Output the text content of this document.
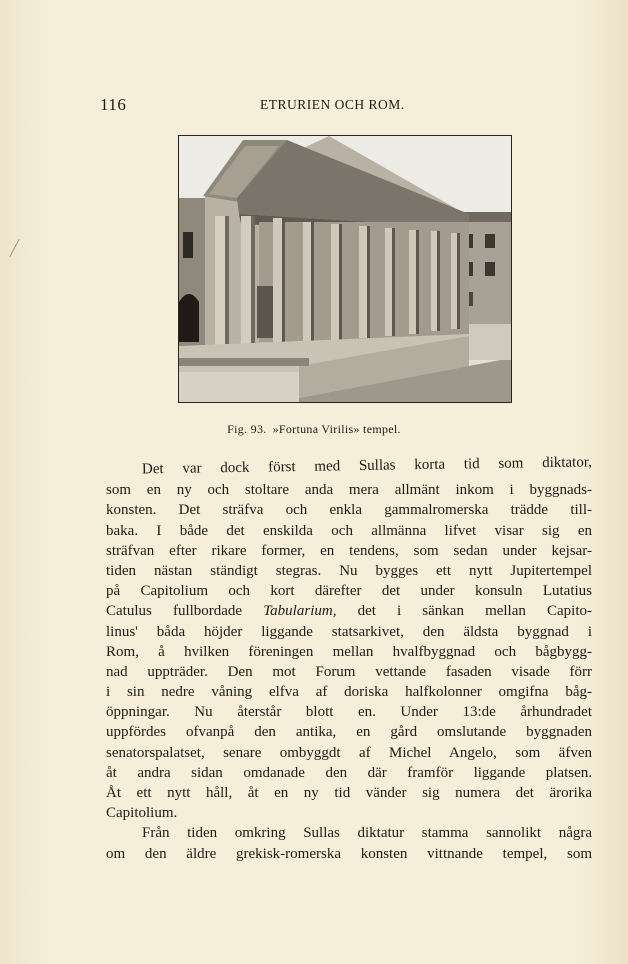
116	ETRURIEN OCH ROM.
Fig. 93. »Fortuna Virilis» tempel.
Det var dock först med Sullas korta tid som diktator,
som en ny och stoltare anda mera allmänt inkom i byggnads-
konsten. Det sträfva och enkla gammalromerska trädde till-
baka. I både det enskilda och allmänna lifvet visar sig en
sträfvan efter rikare former, en tendens, som sedan under kejsar-
tiden nästan ständigt stegras. Nu bygges ett nytt Jupitertempel
på Capitolium och kort därefter det under konsuln Lutatius
Catulus fullbordade Tabularium, det i sänkan mellan Capito-
linus' båda höjder liggande statsarkivet, den äldsta byggnad i
Rom, å hvilken föreningen mellan hvalfbyggnad och bågbygg-
nad uppträder. Den mot Forum vettande fasaden visade förr
i sin nedre våning elfva af doriska halfkolonner omgifna båg-
öppningar. Nu återstår blott en. Under 13:de århundradet
uppfördes ofvanpå den antika, en gård omslutande byggnaden
senatorspalatset, senare ombyggdt af Michel Angelo, som äfven
åt andra sidan omdanade den där framför liggande platsen.
Åt ett nytt håll, åt en ny tid vänder sig numera det ärorika
Capitolium.
Från tiden omkring Sullas diktatur stamma sannolikt några
om den äldre grekisk-romerska konsten vittnande tempel, som
